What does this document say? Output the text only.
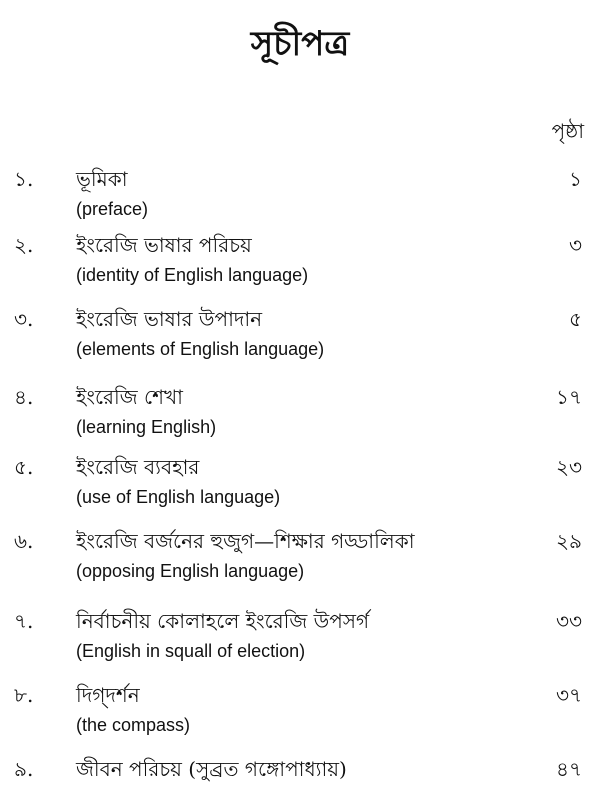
সূচীপত্র
পৃষ্ঠা
১. ভূমিকা
(preface)
১
২. ইংরেজি ভাষার পরিচয়
(identity of English language)
৩
৩. ইংরেজি ভাষার উপাদান
(elements of English language)
৫
৪. ইংরেজি শেখা
(learning English)
১৭
৫. ইংরেজি ব্যবহার
(use of English language)
২৩
৬. ইংরেজি বর্জনের হুজুগ—শিক্ষার গড্ডালিকা
(opposing English language)
২৯
৭. নির্বাচনীয় কোলাহলে ইংরেজি উপসর্গ
(English in squall of election)
৩৩
৮. দিগ্‌দর্শন
(the compass)
৩৭
৯. জীবন পরিচয় (সুব্রত গঙ্গোপাধ্যায়)	৪৭
